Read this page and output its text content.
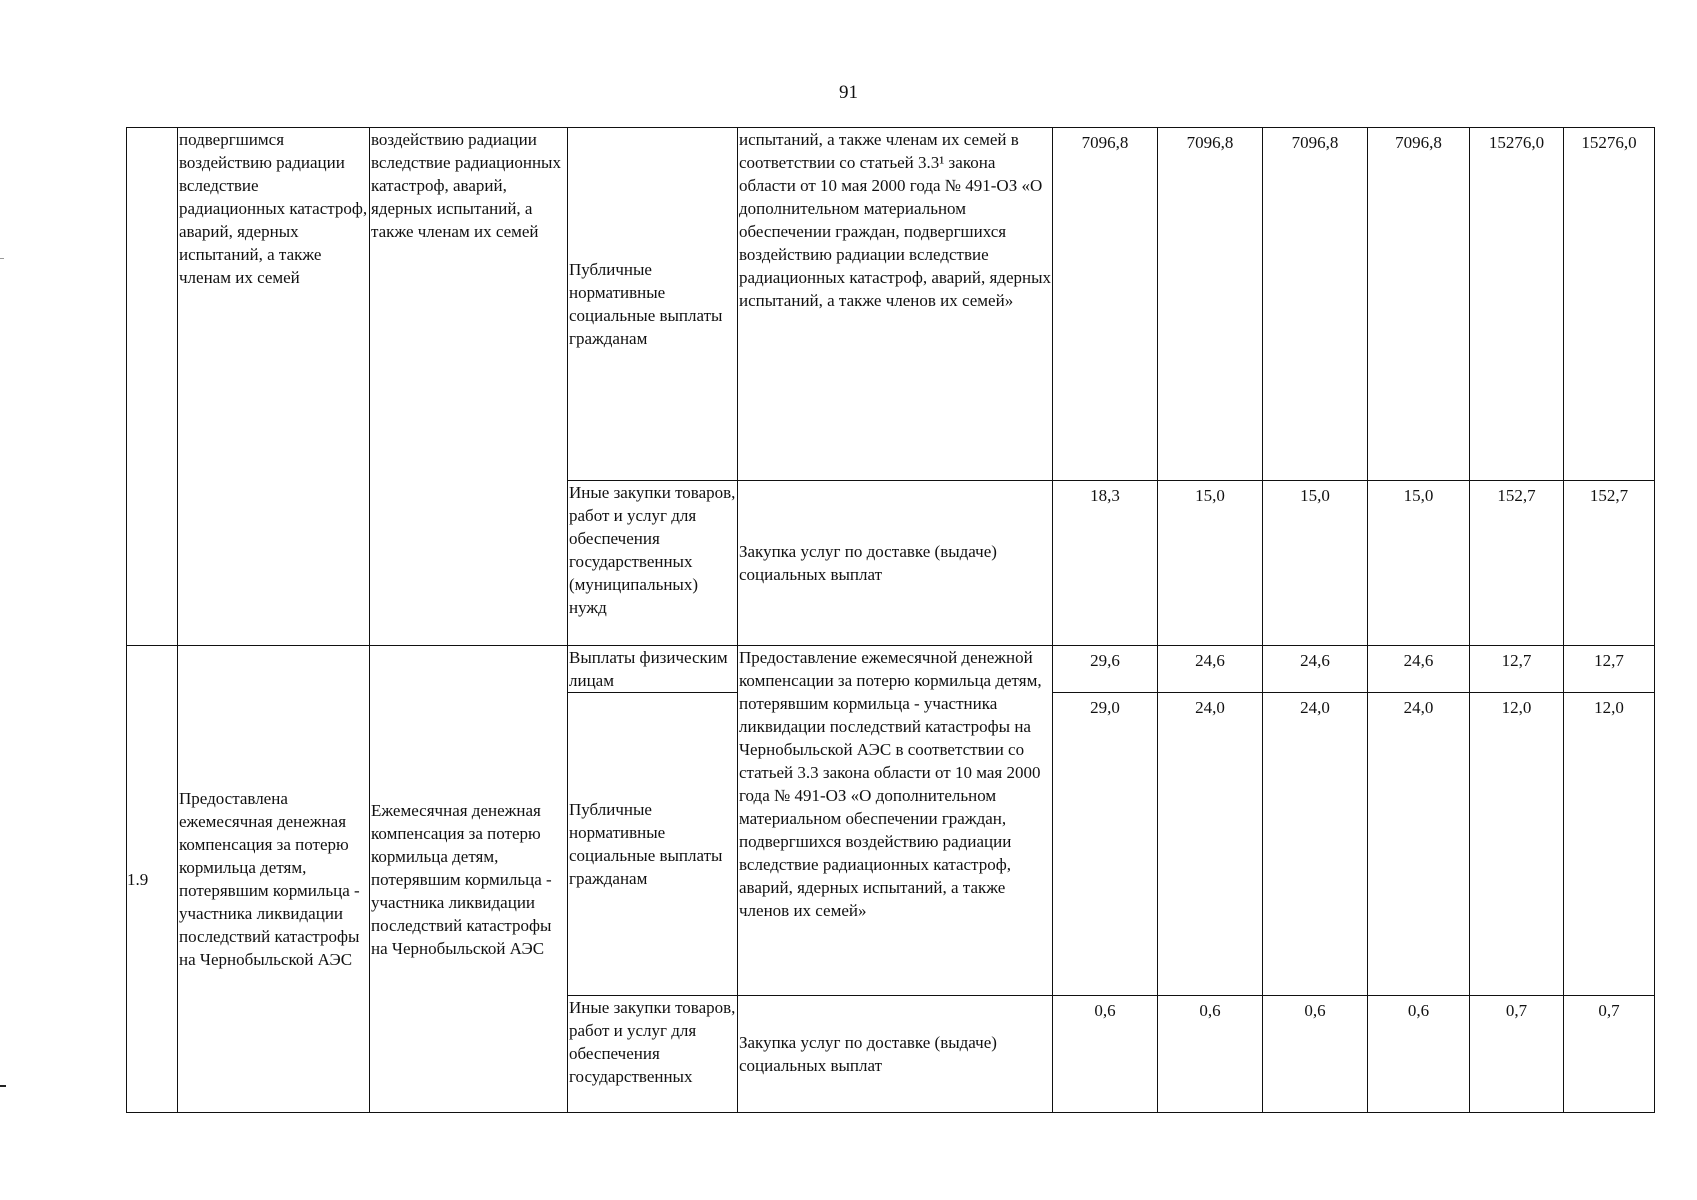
91
	подвергшимся воздействию радиации вследствие радиационных катастроф, аварий, ядерных испытаний, а также членам их семей	воздействию радиации вследствие радиационных катастроф, аварий, ядерных испытаний, а также членам их семей	Публичные нормативные социальные выплаты гражданам	испытаний, а также членам их семей в соответствии со статьей 3.3¹ закона области от 10 мая 2000 года № 491-ОЗ «О дополнительном материальном обеспечении граждан, подвергшихся воздействию радиации вследствие радиационных катастроф, аварий, ядерных испытаний, а также членов их семей»	7096,8	7096,8	7096,8	7096,8	15276,0	15276,0
			Иные закупки товаров, работ и услуг для обеспечения государственных (муниципальных) нужд	Закупка услуг по доставке (выдаче) социальных выплат	18,3	15,0	15,0	15,0	152,7	152,7
1.9	Предоставлена ежемесячная денежная компенсация за потерю кормильца детям, потерявшим кормильца - участника ликвидации последствий катастрофы на Чернобыльской АЭС	Ежемесячная денежная компенсация за потерю кормильца детям, потерявшим кормильца - участника ликвидации последствий катастрофы на Чернобыльской АЭС	Выплаты физическим лицам	Предоставление ежемесячной денежной компенсации за потерю кормильца детям, потерявшим кормильца - участника ликвидации последствий катастрофы на Чернобыльской АЭС в соответствии со статьей 3.3 закона области от 10 мая 2000 года № 491-ОЗ «О дополнительном материальном обеспечении граждан, подвергшихся воздействию радиации вследствие радиационных катастроф, аварий, ядерных испытаний, а также членов их семей»	29,6	24,6	24,6	24,6	12,7	12,7
			Публичные нормативные социальные выплаты гражданам		29,0	24,0	24,0	24,0	12,0	12,0
			Иные закупки товаров, работ и услуг для обеспечения государственных	Закупка услуг по доставке (выдаче) социальных выплат	0,6	0,6	0,6	0,6	0,7	0,7
